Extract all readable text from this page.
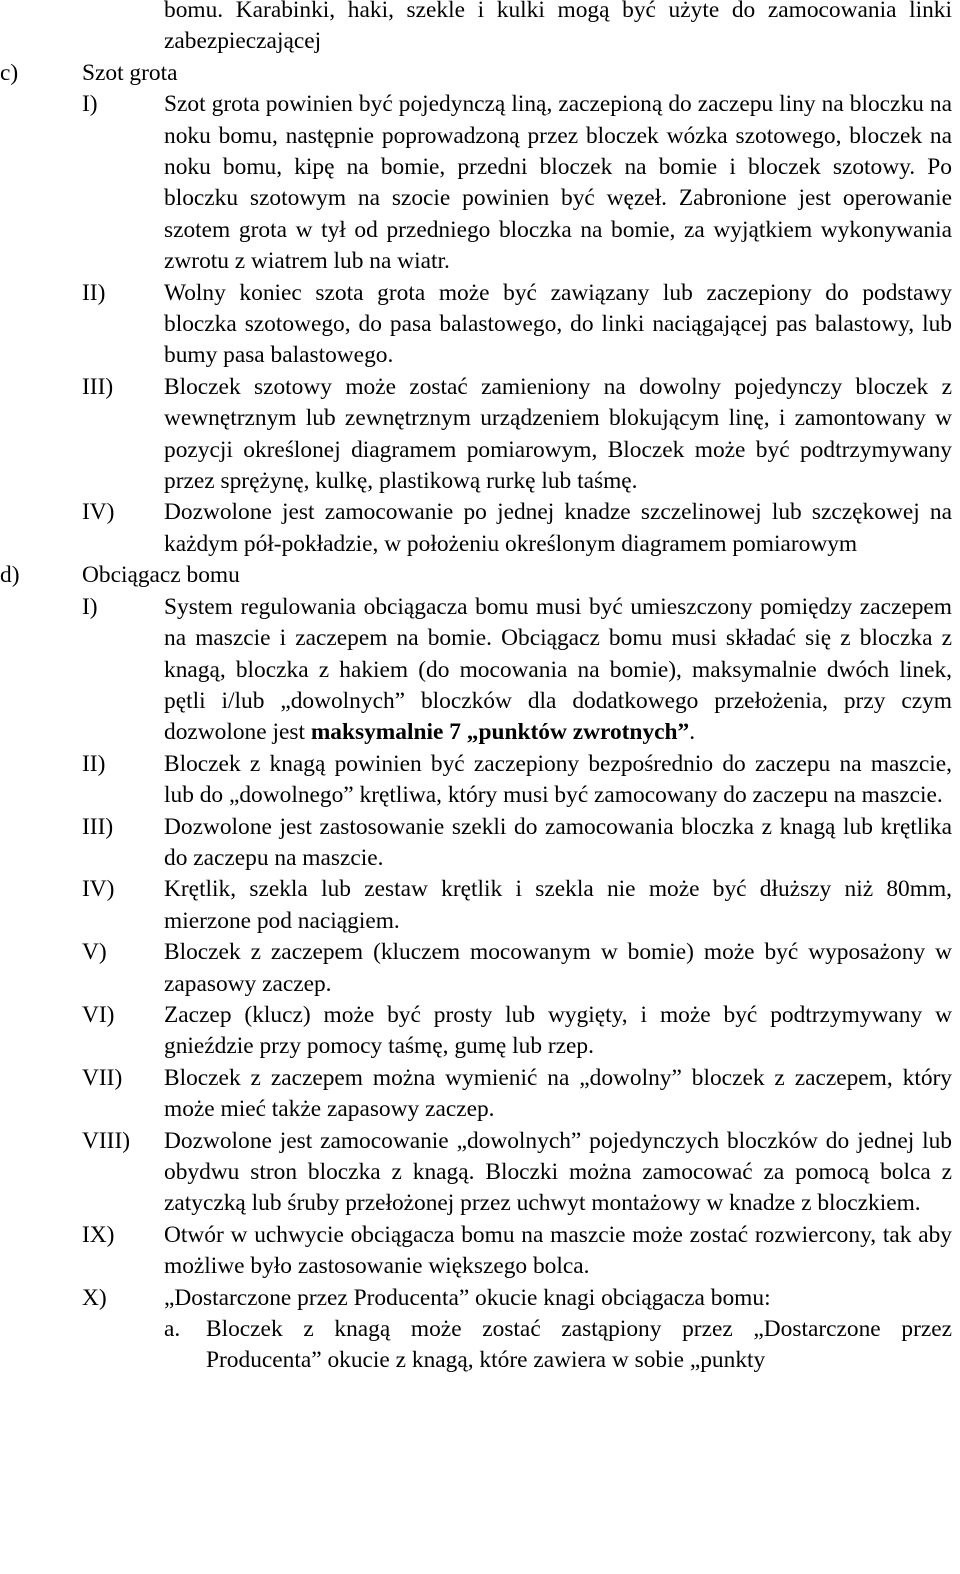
bomu. Karabinki, haki, szekle i kulki mogą być użyte do zamocowania linki zabezpieczającej
c)	Szot grota
I)	Szot grota powinien być pojedynczą liną, zaczepioną do zaczepu liny na bloczku na noku bomu, następnie poprowadzoną przez bloczek wózka szotowego, bloczek na noku bomu, kipę na bomie, przedni bloczek na bomie i bloczek szotowy. Po bloczku szotowym na szocie powinien być węzeł. Zabronione jest operowanie szotem grota w tył od przedniego bloczka na bomie, za wyjątkiem wykonywania zwrotu z wiatrem lub na wiatr.
II)	Wolny koniec szota grota może być zawiązany lub zaczepiony do podstawy bloczka szotowego, do pasa balastowego, do linki naciągającej pas balastowy, lub bumy pasa balastowego.
III) Bloczek szotowy może zostać zamieniony na dowolny pojedynczy bloczek z wewnętrznym lub zewnętrznym urządzeniem blokującym linę, i zamontowany w pozycji określonej diagramem pomiarowym, Bloczek może być podtrzymywany przez sprężynę, kulkę, plastikową rurkę lub taśmę.
IV) Dozwolone jest zamocowanie po jednej knadze szczelinowej lub szczękowej na każdym pół-pokładzie, w położeniu określonym diagramem pomiarowym
d)	Obciągacz bomu
I)	System regulowania obciągacza bomu musi być umieszczony pomiędzy zaczepem na maszcie i zaczepem na bomie. Obciągacz bomu musi składać się z bloczka z knagą, bloczka z hakiem (do mocowania na bomie), maksymalnie dwóch linek, pętli i/lub „dowolnych” bloczków dla dodatkowego przełożenia, przy czym dozwolone jest maksymalnie 7 „punktów zwrotnych”.
II)	Bloczek z knagą powinien być zaczepiony bezpośrednio do zaczepu na maszcie, lub do „dowolnego” krętliwa, który musi być zamocowany do zaczepu na maszcie.
III) Dozwolone jest zastosowanie szekli do zamocowania bloczka z knagą lub krętlika do zaczepu na maszcie.
IV) Krętlik, szekla lub zestaw krętlik i szekla nie może być dłuższy niż 80mm, mierzone pod naciągiem.
V) Bloczek z zaczepem (kluczem mocowanym w bomie) może być wyposażony w zapasowy zaczep.
VI) Zaczep (klucz) może być prosty lub wygięty, i może być podtrzymywany w gnieździe przy pomocy taśmę, gumę lub rzep.
VII) Bloczek z zaczepem można wymienić na „dowolny” bloczek z zaczepem, który może mieć także zapasowy zaczep.
VIII) Dozwolone jest zamocowanie „dowolnych” pojedynczych bloczków do jednej lub obydwu stron bloczka z knagą. Bloczki można zamocować za pomocą bolca z zatyczką lub śruby przełożonej przez uchwyt montażowy w knadze z bloczkiem.
IX) Otwór w uchwycie obciągacza bomu na maszcie może zostać rozwiercony, tak aby możliwe było zastosowanie większego bolca.
X) „Dostarczone przez Producenta” okucie knagi obciągacza bomu:
a. Bloczek z knagą może zostać zastąpiony przez „Dostarczone przez Producenta” okucie z knagą, które zawiera w sobie „punkty
